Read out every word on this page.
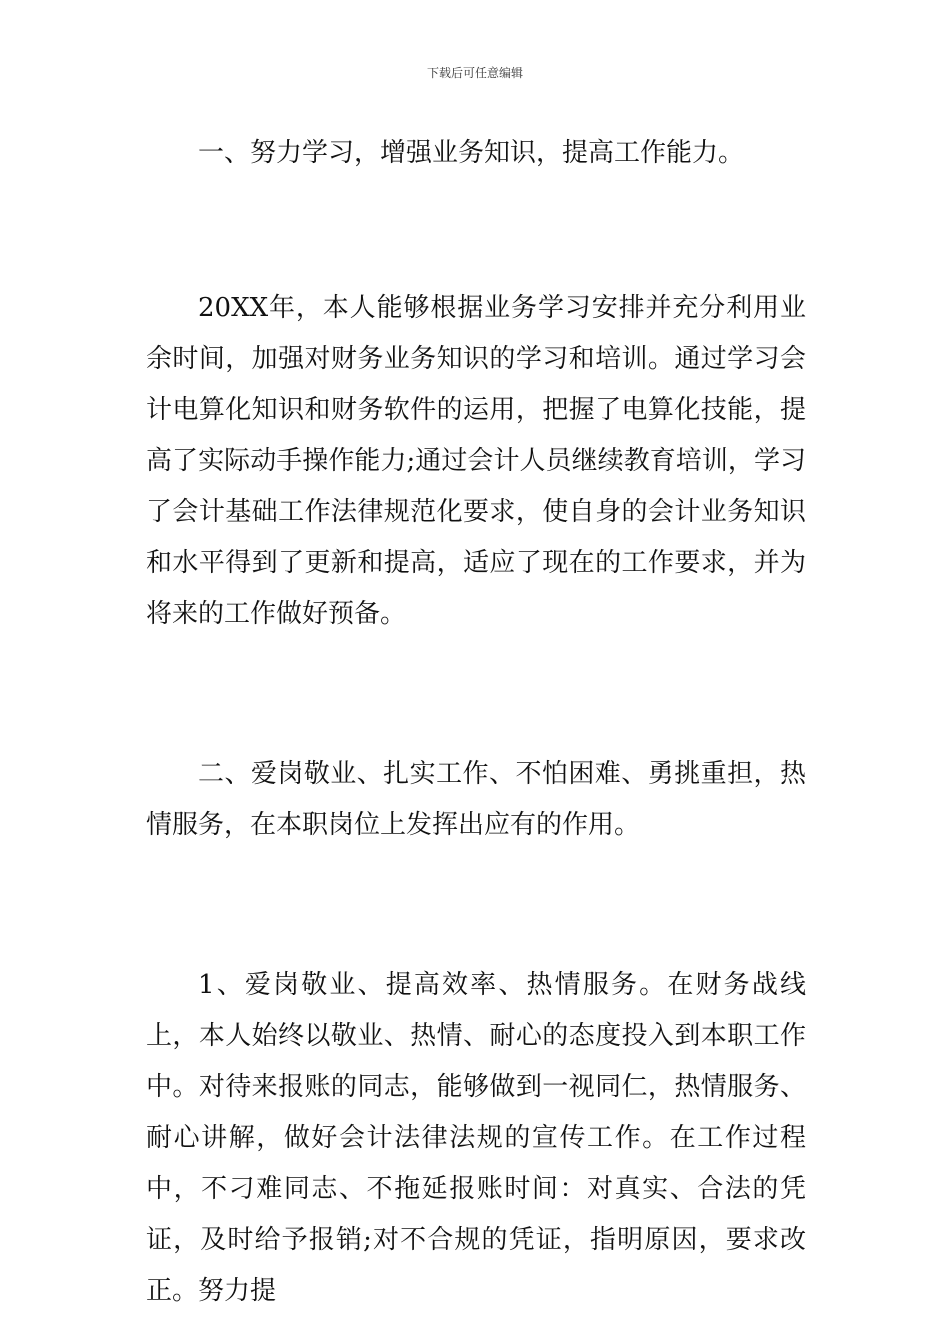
下载后可任意编辑

一、努力学习，增强业务知识，提高工作能力。

20XX年，本人能够根据业务学习安排并充分利用业余时间，加强对财务业务知识的学习和培训。通过学习会计电算化知识和财务软件的运用，把握了电算化技能，提高了实际动手操作能力;通过会计人员继续教育培训，学习了会计基础工作法律规范化要求，使自身的会计业务知识和水平得到了更新和提高，适应了现在的工作要求，并为将来的工作做好预备。

二、爱岗敬业、扎实工作、不怕困难、勇挑重担，热情服务，在本职岗位上发挥出应有的作用。

1、爱岗敬业、提高效率、热情服务。在财务战线上，本人始终以敬业、热情、耐心的态度投入到本职工作中。对待来报账的同志，能够做到一视同仁，热情服务、耐心讲解，做好会计法律法规的宣传工作。在工作过程中，不刁难同志、不拖延报账时间：对真实、合法的凭证，及时给予报销;对不合规的凭证，指明原因，要求改正。努力提
